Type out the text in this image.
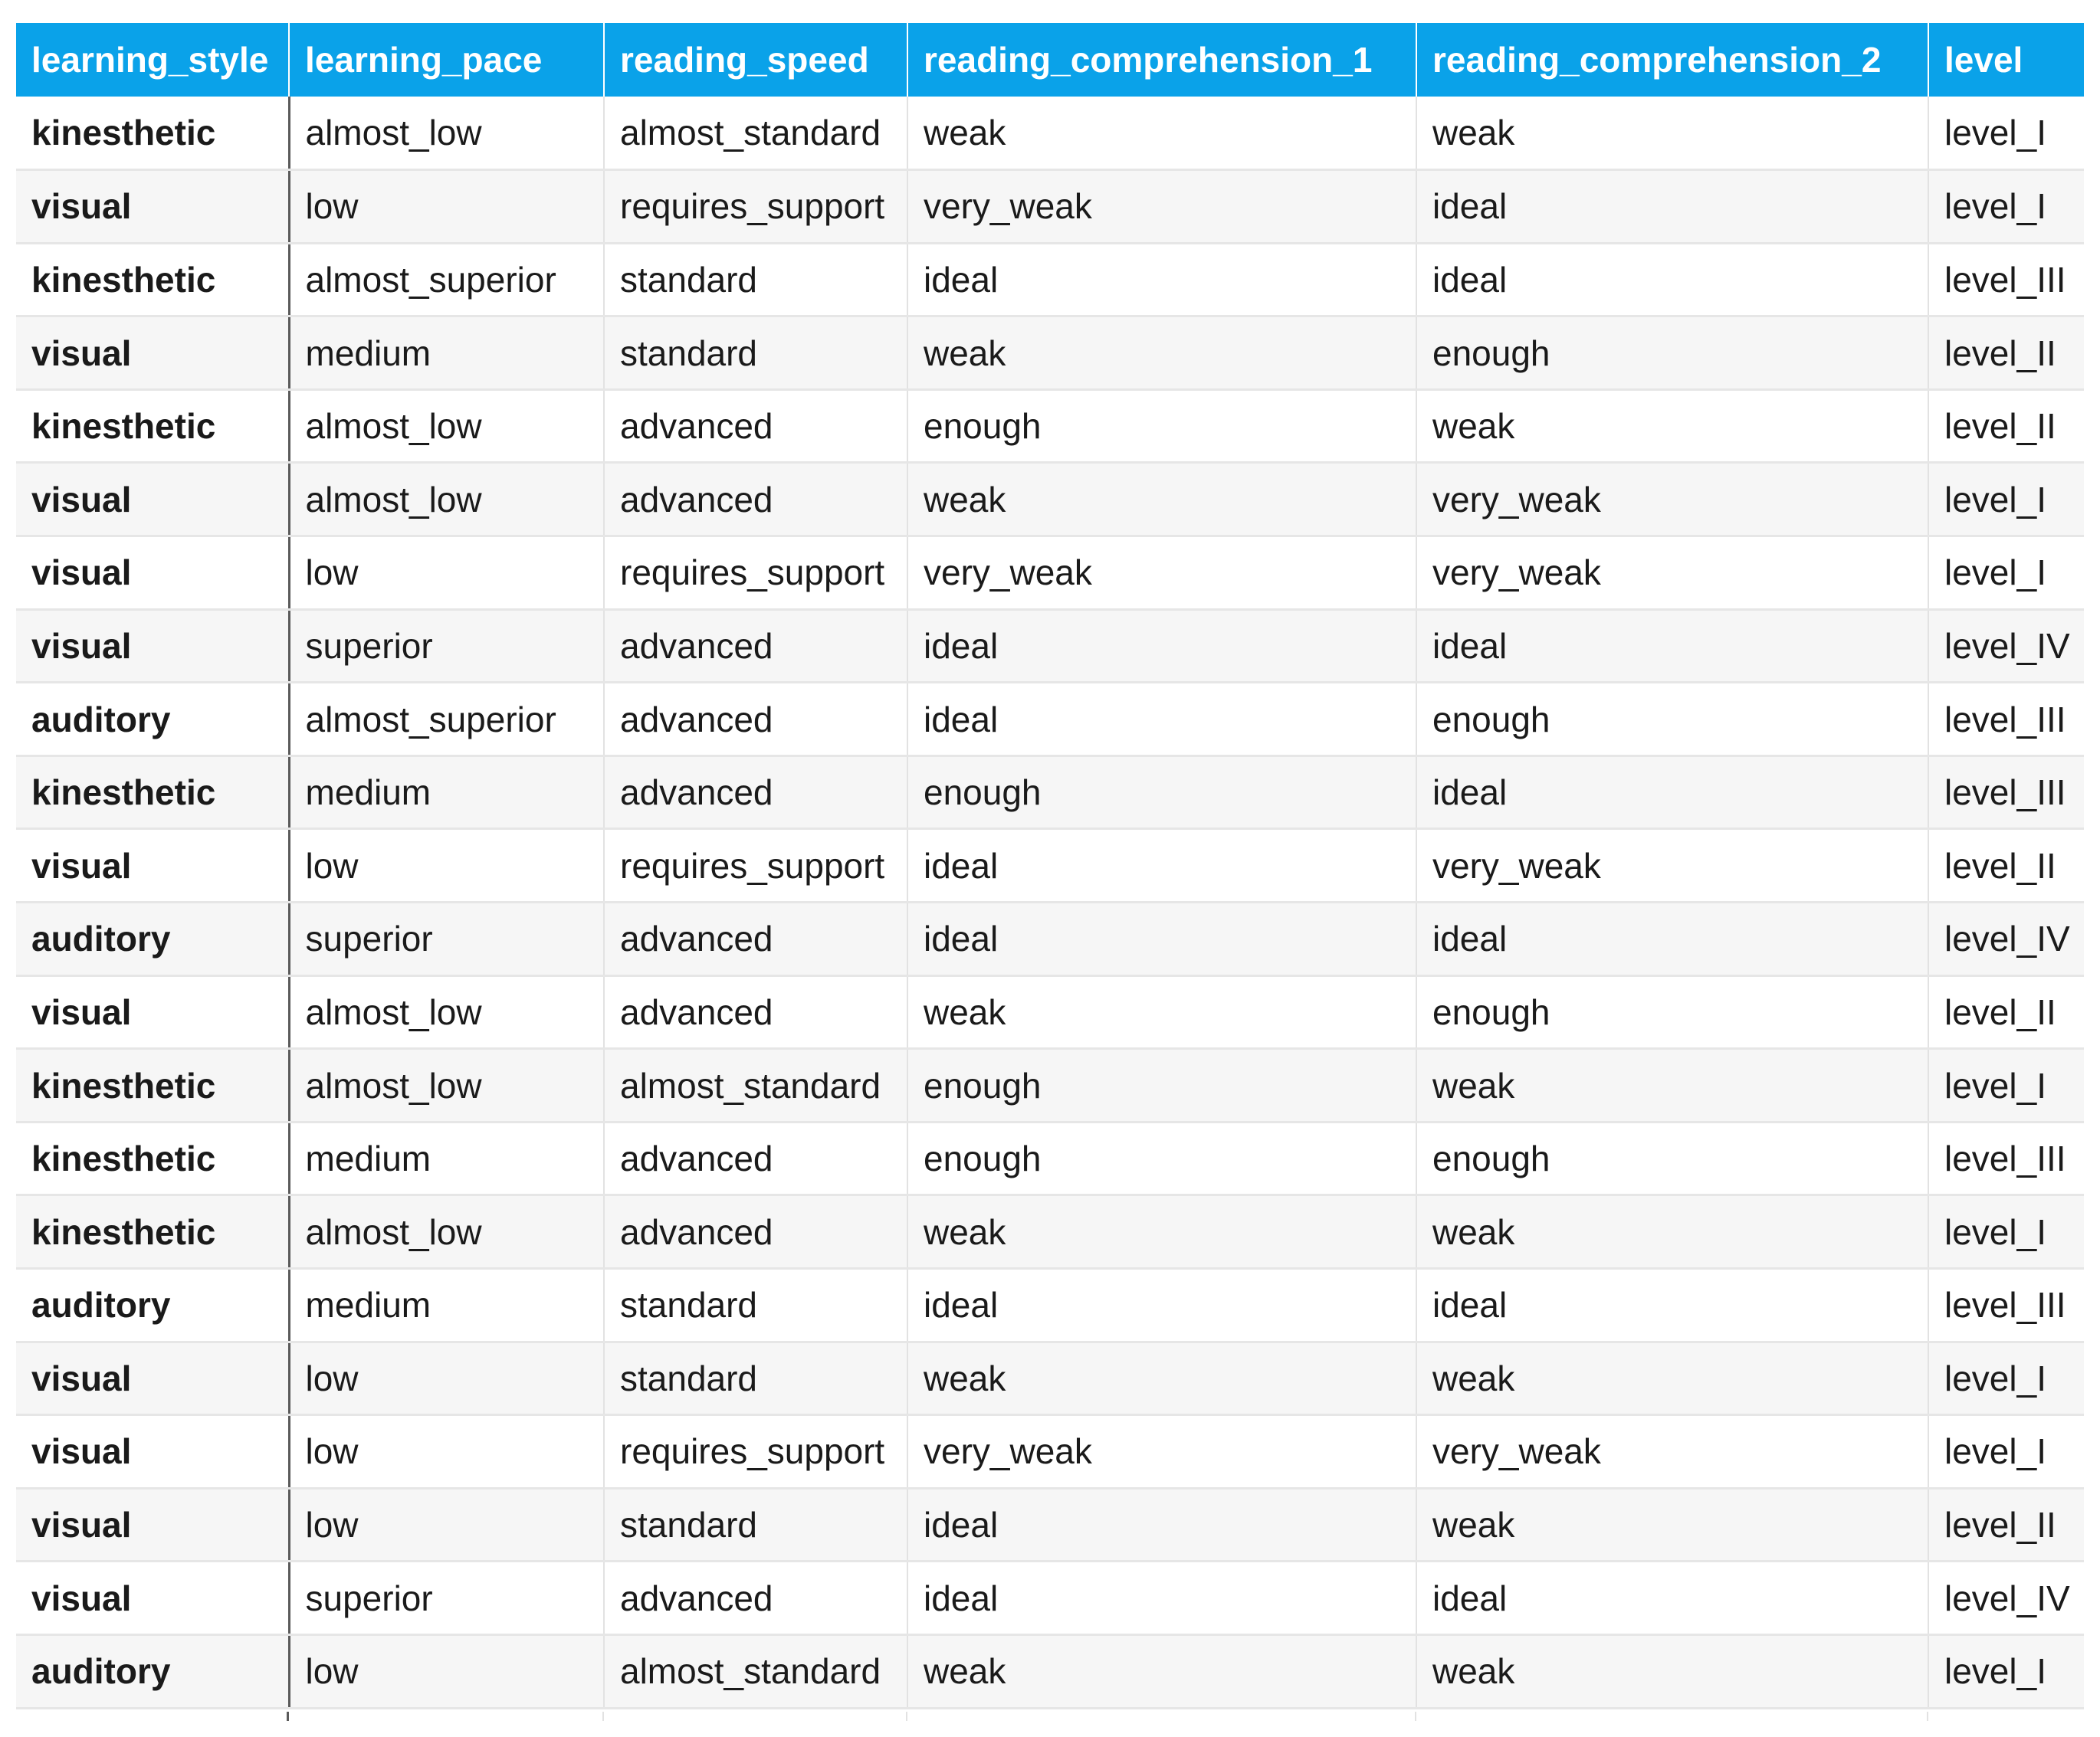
learning_style	learning_pace	reading_speed	reading_comprehension_1	reading_comprehension_2	level
kinesthetic	almost_low	almost_standard	weak	weak	level_I
visual	low	requires_support	very_weak	ideal	level_I
kinesthetic	almost_superior	standard	ideal	ideal	level_III
visual	medium	standard	weak	enough	level_II
kinesthetic	almost_low	advanced	enough	weak	level_II
visual	almost_low	advanced	weak	very_weak	level_I
visual	low	requires_support	very_weak	very_weak	level_I
visual	superior	advanced	ideal	ideal	level_IV
auditory	almost_superior	advanced	ideal	enough	level_III
kinesthetic	medium	advanced	enough	ideal	level_III
visual	low	requires_support	ideal	very_weak	level_II
auditory	superior	advanced	ideal	ideal	level_IV
visual	almost_low	advanced	weak	enough	level_II
kinesthetic	almost_low	almost_standard	enough	weak	level_I
kinesthetic	medium	advanced	enough	enough	level_III
kinesthetic	almost_low	advanced	weak	weak	level_I
auditory	medium	standard	ideal	ideal	level_III
visual	low	standard	weak	weak	level_I
visual	low	requires_support	very_weak	very_weak	level_I
visual	low	standard	ideal	weak	level_II
visual	superior	advanced	ideal	ideal	level_IV
auditory	low	almost_standard	weak	weak	level_I
